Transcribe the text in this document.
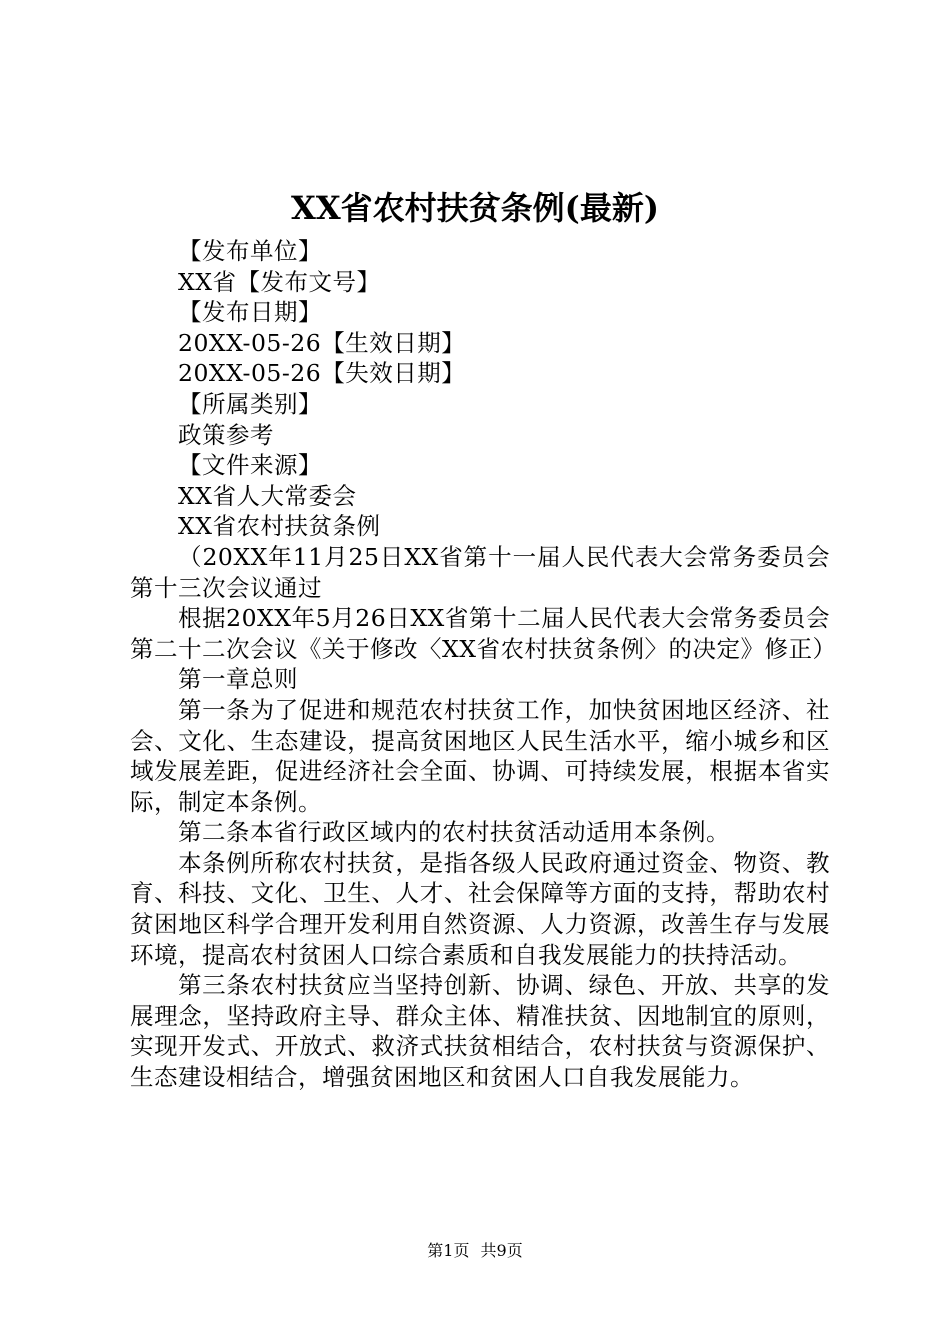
XX省农村扶贫条例(最新)

【发布单位】

XX省【发布文号】

【发布日期】

20XX-05-26【生效日期】

20XX-05-26【失效日期】

【所属类别】

政策参考

【文件来源】

XX省人大常委会

XX省农村扶贫条例

（20XX年11月25日XX省第十一届人民代表大会常务委员会第十三次会议通过

根据20XX年5月26日XX省第十二届人民代表大会常务委员会第二十二次会议《关于修改〈XX省农村扶贫条例〉的决定》修正）

第一章总则

第一条为了促进和规范农村扶贫工作，加快贫困地区经济、社会、文化、生态建设，提高贫困地区人民生活水平，缩小城乡和区域发展差距，促进经济社会全面、协调、可持续发展，根据本省实际，制定本条例。

第二条本省行政区域内的农村扶贫活动适用本条例。

本条例所称农村扶贫，是指各级人民政府通过资金、物资、教育、科技、文化、卫生、人才、社会保障等方面的支持，帮助农村贫困地区科学合理开发利用自然资源、人力资源，改善生存与发展环境，提高农村贫困人口综合素质和自我发展能力的扶持活动。

第三条农村扶贫应当坚持创新、协调、绿色、开放、共享的发展理念，坚持政府主导、群众主体、精准扶贫、因地制宜的原则，实现开发式、开放式、救济式扶贫相结合，农村扶贫与资源保护、生态建设相结合，增强贫困地区和贫困人口自我发展能力。

第1页 共9页
